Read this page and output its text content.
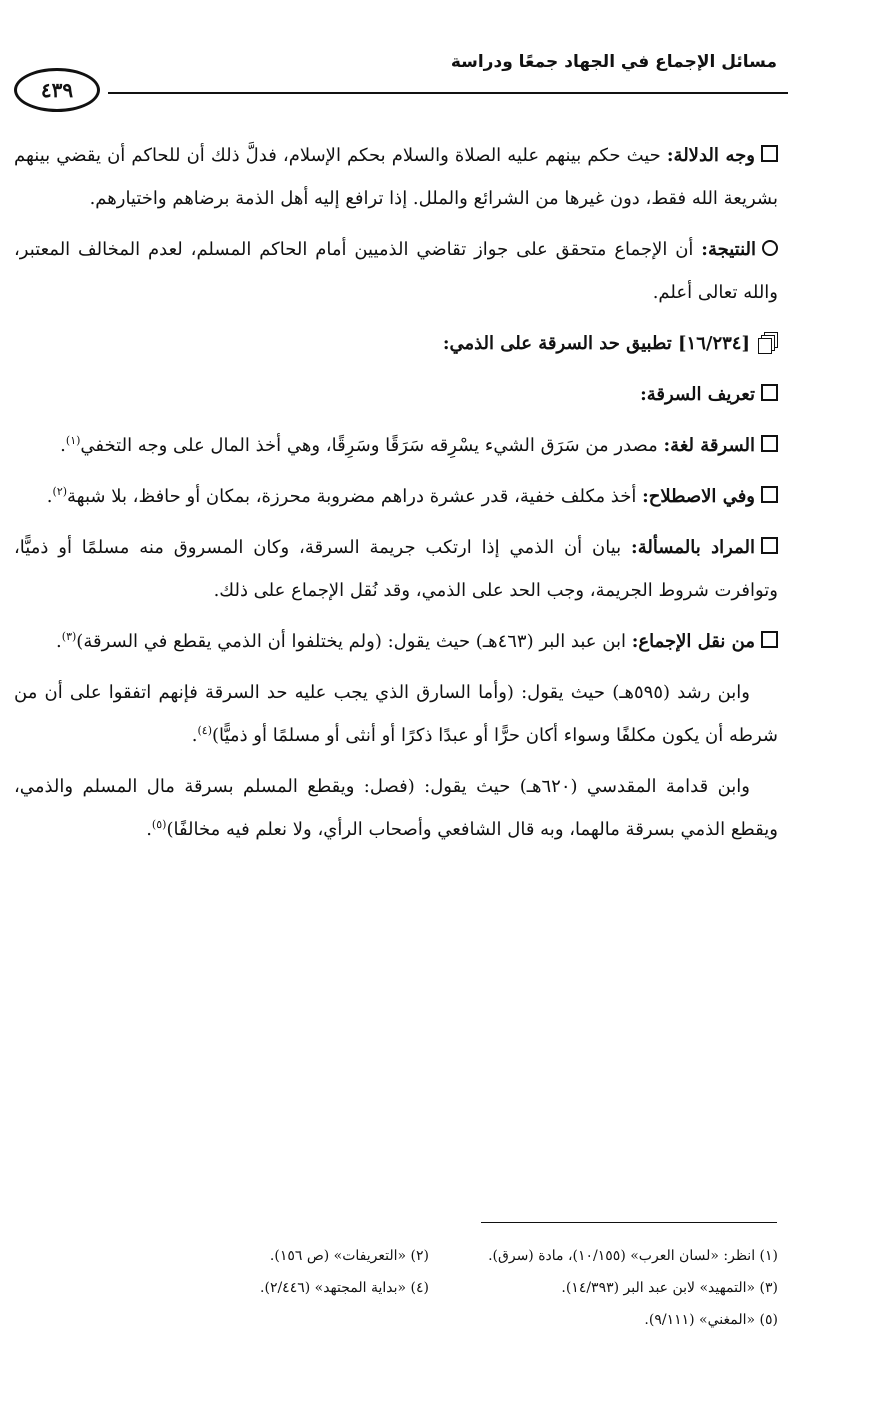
مسائل الإجماع في الجهاد جمعًا ودراسة
٤٣٩

وجه الدلالة: حيث حكم بينهم عليه الصلاة والسلام بحكم الإسلام، فدلَّ ذلك أن للحاكم أن يقضي بينهم بشريعة الله فقط، دون غيرها من الشرائع والملل. إذا ترافع إليه أهل الذمة برضاهم واختيارهم.

النتيجة: أن الإجماع متحقق على جواز تقاضي الذميين أمام الحاكم المسلم، لعدم المخالف المعتبر، والله تعالى أعلم.

[١٦/٢٣٤] تطبيق حد السرقة على الذمي:

تعريف السرقة:

السرقة لغة: مصدر من سَرَق الشيء يسْرِقه سَرَقًا وسَرِقًا، وهي أخذ المال على وجه التخفي$^{(١)}$.

وفي الاصطلاح: أخذ مكلف خفية، قدر عشرة دراهم مضروبة محرزة، بمكان أو حافظ، بلا شبهة$^{(٢)}$.

المراد بالمسألة: بيان أن الذمي إذا ارتكب جريمة السرقة، وكان المسروق منه مسلمًا أو ذميًّا، وتوافرت شروط الجريمة، وجب الحد على الذمي، وقد نُقل الإجماع على ذلك.

من نقل الإجماع: ابن عبد البر (٤٦٣هـ) حيث يقول: (ولم يختلفوا أن الذمي يقطع في السرقة)$^{(٣)}$.

وابن رشد (٥٩٥هـ) حيث يقول: (وأما السارق الذي يجب عليه حد السرقة فإنهم اتفقوا على أن من شرطه أن يكون مكلفًا وسواء أكان حرًّا أو عبدًا ذكرًا أو أنثى أو مسلمًا أو ذميًّا)$^{(٤)}$.

وابن قدامة المقدسي (٦٢٠هـ) حيث يقول: (فصل: ويقطع المسلم بسرقة مال المسلم والذمي، ويقطع الذمي بسرقة مالهما، وبه قال الشافعي وأصحاب الرأي، ولا نعلم فيه مخالفًا)$^{(٥)}$.

(١) انظر: «لسان العرب» (١٠/١٥٥)، مادة (سرق).
(٢) «التعريفات» (ص ١٥٦).
(٣) «التمهيد» لابن عبد البر (١٤/٣٩٣).
(٤) «بداية المجتهد» (٢/٤٤٦).
(٥) «المغني» (٩/١١١).
